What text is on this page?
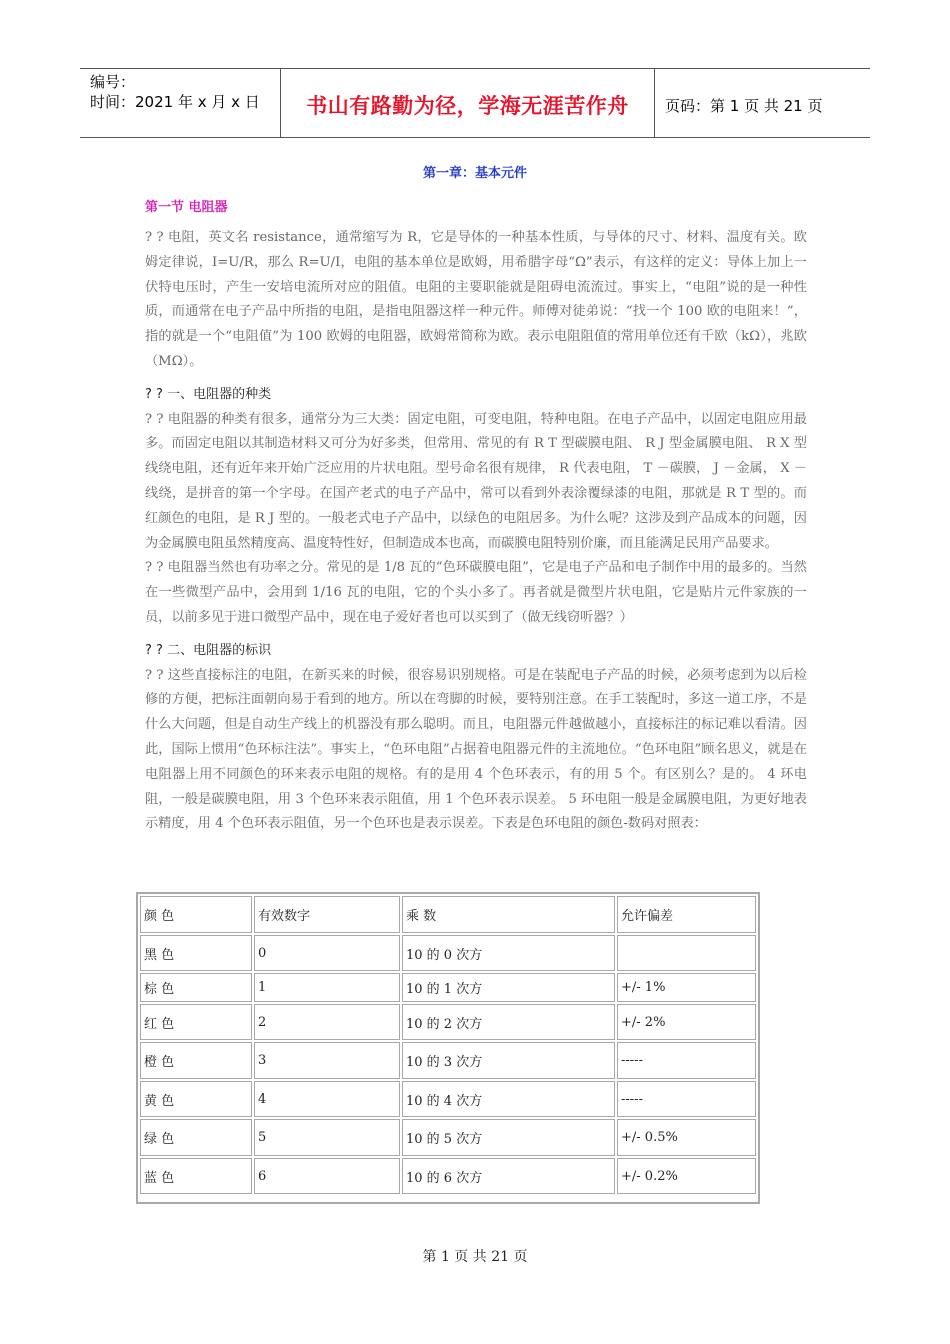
编号：
时间：2021 年 x 月 x 日	书山有路勤为径，学海无涯苦作舟	页码：第 1 页 共 21 页
第一章：基本元件
第一节 电阻器

? ? 电阻，英文名 resistance，通常缩写为 R，它是导体的一种基本性质，与导体的尺寸、材料、温度有关。欧姆定律说，I=U/R，那么 R=U/I，电阻的基本单位是欧姆，用希腊字母“Ω”表示，有这样的定义：导体上加上一伏特电压时，产生一安培电流所对应的阻值。电阻的主要职能就是阻碍电流流过。事实上，“电阻”说的是一种性质，而通常在电子产品中所指的电阻，是指电阻器这样一种元件。师傅对徒弟说：“找一个 100 欧的电阻来！”，指的就是一个“电阻值”为 100 欧姆的电阻器，欧姆常简称为欧。表示电阻阻值的常用单位还有千欧（kΩ），兆欧（MΩ）。

? ? 一、电阻器的种类

? ? 电阻器的种类有很多，通常分为三大类：固定电阻，可变电阻，特种电阻。在电子产品中，以固定电阻应用最多。而固定电阻以其制造材料又可分为好多类，但常用、常见的有 R T 型碳膜电阻、 R J 型金属膜电阻、 R X 型线绕电阻，还有近年来开始广泛应用的片状电阻。型号命名很有规律， R 代表电阻， T －碳膜， J －金属， X －线绕，是拼音的第一个字母。在国产老式的电子产品中，常可以看到外表涂覆绿漆的电阻，那就是 R T 型的。而红颜色的电阻，是 R J 型的。一般老式电子产品中，以绿色的电阻居多。为什么呢？这涉及到产品成本的问题，因为金属膜电阻虽然精度高、温度特性好，但制造成本也高，而碳膜电阻特别价廉，而且能满足民用产品要求。

? ? 电阻器当然也有功率之分。常见的是 1/8 瓦的“色环碳膜电阻”，它是电子产品和电子制作中用的最多的。当然在一些微型产品中，会用到 1/16 瓦的电阻，它的个头小多了。再者就是微型片状电阻，它是贴片元件家族的一员，以前多见于进口微型产品中，现在电子爱好者也可以买到了（做无线窃听器？）

? ? 二、电阻器的标识

? ? 这些直接标注的电阻，在新买来的时候，很容易识别规格。可是在装配电子产品的时候，必须考虑到为以后检修的方便，把标注面朝向易于看到的地方。所以在弯脚的时候，要特别注意。在手工装配时，多这一道工序，不是什么大问题，但是自动生产线上的机器没有那么聪明。而且，电阻器元件越做越小，直接标注的标记难以看清。因此，国际上惯用“色环标注法”。事实上，“色环电阻”占据着电阻器元件的主流地位。“色环电阻”顾名思义，就是在电阻器上用不同颜色的环来表示电阻的规格。有的是用 4 个色环表示，有的用 5 个。有区别么？是的。 4 环电阻，一般是碳膜电阻，用 3 个色环来表示阻值，用 1 个色环表示误差。 5 环电阻一般是金属膜电阻，为更好地表示精度，用 4 个色环表示阻值，另一个色环也是表示误差。下表是色环电阻的颜色-数码对照表：

颜 色	有效数字	乘 数	允许偏差
黑 色	0	10 的 0 次方	
棕 色	1	10 的 1 次方	+/- 1%
红 色	2	10 的 2 次方	+/- 2%
橙 色	3	10 的 3 次方	-----
黄 色	4	10 的 4 次方	-----
绿 色	5	10 的 5 次方	+/- 0.5%
蓝 色	6	10 的 6 次方	+/- 0.2%
第 1 页 共 21 页
